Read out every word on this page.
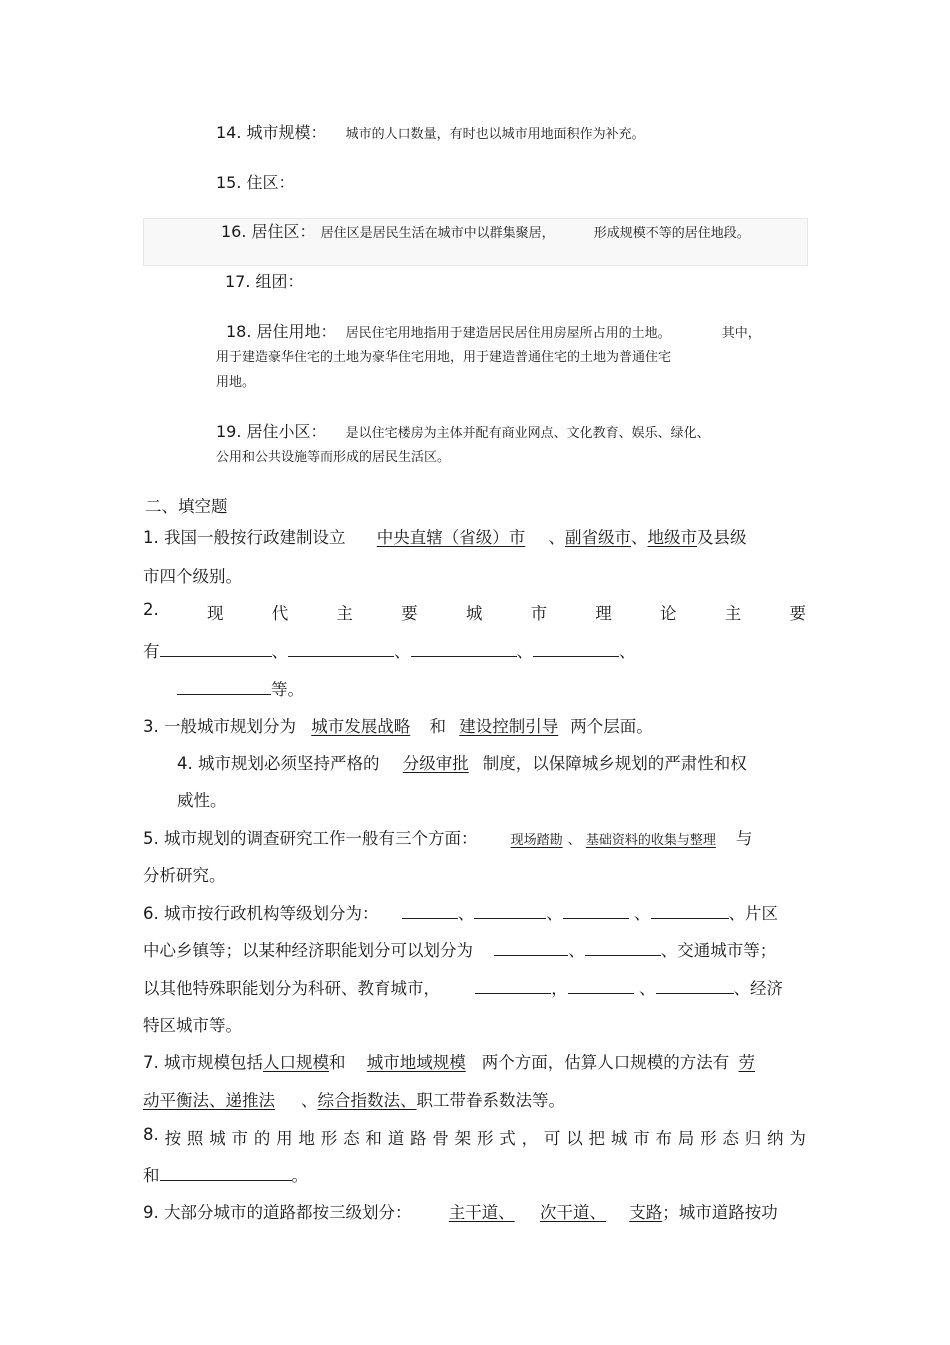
14. 城市规模： 城市的人口数量，有时也以城市用地面积作为补充。
15. 住区：
16. 居住区： 居住区是居民生活在城市中以群集聚居，	形成规模不等的居住地段。
17. 组团：
18. 居住用地： 居民住宅用地指用于建造居民居住用房屋所占用的土地。	其中，
用于建造豪华住宅的土地为豪华住宅用地，用于建造普通住宅的土地为普通住宅
用地。
19. 居住小区： 是以住宅楼房为主体并配有商业网点、文化教育、娱乐、绿化、
公用和公共设施等而形成的居民生活区。
二、填空题
1. 我国一般按行政建制设立 中央直辖（省级）市 、副省级市、地级市及县级
市四个级别。
2.	现	代	主	要	城	市	理	论	主	要
有	、	、	、	、
等。
3. 一般城市规划分为 城市发展战略 和 建设控制引导 两个层面。
4. 城市规划必须坚持严格的 分级审批 制度，以保障城乡规划的严肃性和权
威性。
5. 城市规划的调查研究工作一般有三个方面：	现场踏勘 、 基础资料的收集与整理 与
分析研究。
6. 城市按行政机构等级划分为：	、	、	、	、片区
中心乡镇等；以某种经济职能划分可以划分为	、	、交通城市等；
以其他特殊职能划分为科研、教育城市，	，	、	、经济
特区城市等。
7. 城市规模包括人口规模和 城市地域规模 两个方面，估算人口规模的方法有 劳
动平衡法、递推法 、综合指数法、职工带眷系数法等。
8. 按 照 城 市 的 用 地 形 态 和 道 路 骨 架 形 式 ， 可 以 把 城 市 布 局 形 态 归 纳 为
和	。
9. 大部分城市的道路都按三级划分： 主干道、 次干道、 支路；城市道路按功
